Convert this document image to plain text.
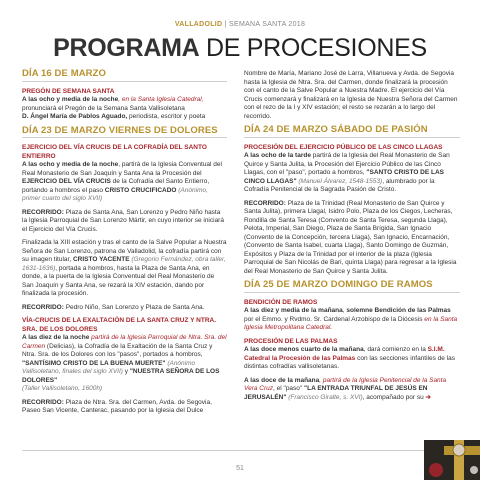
VALLADOLID | SEMANA SANTA 2018
PROGRAMA DE PROCESIONES
DÍA 16 DE MARZO

PREGÓN DE SEMANA SANTA
A las ocho y media de la noche, en la Santa Iglesia Catedral, pronunciará el Pregón de la Semana Santa Vallisoletana
D. Ángel María de Pablos Aguado, periodista, escritor y poeta

DÍA 23 DE MARZO VIERNES DE DOLORES

EJERCICIO DEL VÍA CRUCIS DE LA COFRADÍA DEL SANTO ENTIERRO
A las ocho y media de la noche, partirá de la Iglesia Conventual del Real Monasterio de San Joaquín y Santa Ana la Procesión del EJERCICIO DEL VÍA CRUCIS de la Cofradía del Santo Entierro, portando a hombros el paso CRISTO CRUCIFICADO (Anónimo, primer cuarto del siglo XVII)

RECORRIDO: Plaza de Santa Ana, San Lorenzo y Pedro Niño hasta la Iglesia Parroquial de San Lorenzo Mártir, en cuyo interior se iniciará el Ejercicio del Vía Crucis.

Finalizada la XIII estación y tras el canto de la Salve Popular a Nuestra Señora de San Lorenzo, patrona de Valladolid, la cofradía partirá con su imagen titular, CRISTO YACENTE (Gregorio Fernández, obra taller, 1631-1636), portada a hombros, hasta la Plaza de Santa Ana, en donde, a la puerta de la Iglesia Conventual del Real Monasterio de San Joaquín y Santa Ana, se rezará la XIV estación, dando por finalizada la procesión.

RECORRIDO: Pedro Niño, San Lorenzo y Plaza de Santa Ana.

VÍA-CRUCIS DE LA EXALTACIÓN DE LA SANTA CRUZ Y NTRA. SRA. DE LOS DOLORES
A las diez de la noche partirá de la Iglesia Parroquial de Ntra. Sra. del Carmen (Delicias), la Cofradía de la Exaltación de la Santa Cruz y Ntra. Sra. de los Dolores con los "pasos", portados a hombros, "SANTÍSIMO CRISTO DE LA BUENA MUERTE" (Anónimo Vallisoletano, finales del siglo XVII) y "NUESTRA SEÑORA DE LOS DOLORES"
(Taller Vallisoletano, 1600h)

RECORRIDO: Plaza de Ntra. Sra. del Carmen, Avda. de Segovia, Paseo San Vicente, Canterac, pasando por la Iglesia del Dulce

Nombre de María, Mariano José de Larra, Villanueva y Avda. de Segovia hasta la Iglesia de Ntra. Sra. del Carmen, donde finalizará la procesión con el canto de la Salve Popular a Nuestra Madre. El ejercicio del Vía Crucis comenzará y finalizará en la Iglesia de Nuestra Señora del Carmen con el rezo de la I y XIV estación; el resto se rezarán a lo largo del recorrido.

DÍA 24 DE MARZO SÁBADO DE PASIÓN

PROCESIÓN DEL EJERCICIO PÚBLICO DE LAS CINCO LLAGAS
A las ocho de la tarde partirá de la Iglesia del Real Monasterio de San Quirce y Santa Julita, la Procesión del Ejercicio Público de las Cinco Llagas, con el "paso", portado a hombros, "SANTO CRISTO DE LAS CINCO LLAGAS" (Manuel Álvarez, 1548-1553), alumbrado por la Cofradía Penitencial de la Sagrada Pasión de Cristo.

RECORRIDO: Plaza de la Trinidad (Real Monasterio de San Quirce y Santa Julita), primera Llagal, Isidro Polo, Plaza de los Ciegos, Lecheras, Rondilla de Santa Teresa (Convento de Santa Teresa, segunda Llaga), Pelota, Imperial, San Diego, Plaza de Santa Brígida, San Ignacio (Convento de la Concepción, tercera Llaga), San Ignacio, Encarnación, (Convento de Santa Isabel, cuarta Llaga), Santo Domingo de Guzmán, Expósitos y Plaza de la Trinidad por el interior de la plaza (Iglesia Parroquial de San Nicolás de Bari, quinta Llaga) para regresar a la Iglesia del Real Monasterio de San Quirce y Santa Julita.

DÍA 25 DE MARZO DOMINGO DE RAMOS

BENDICIÓN DE RAMOS
A las diez y media de la mañana, solemne Bendición de las Palmas por el Emmo. y Rvdmo. Sr. Cardenal Arzobispo de la Diócesis en la Santa Iglesia Metropolitana Catedral.

PROCESIÓN DE LAS PALMAS
A las doce menos cuarto de la mañana, dará comienzo en la S.I.M. Catedral la Procesión de las Palmas con las secciones infantiles de las distintas cofradías vallisoletanas.

A las doce de la mañana, partirá de la Iglesia Penitencial de la Santa Vera Cruz, el "paso" "LA ENTRADA TRIUNFAL DE JESÚS EN JERUSALÉN" (Francisco Giralte, s. XVI), acompañado por su ➔

51
